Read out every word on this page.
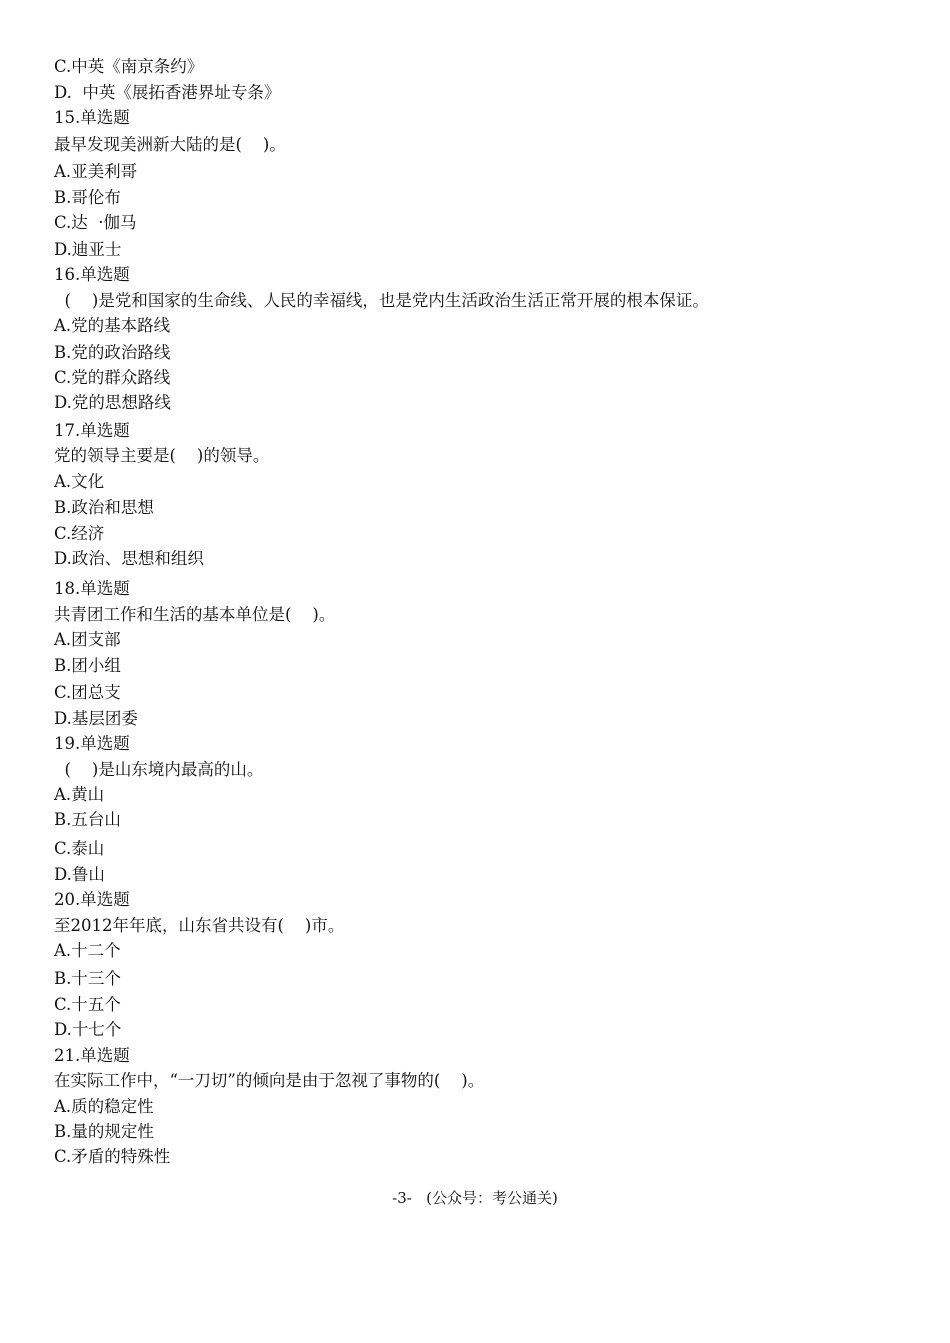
C.中英《南京条约》
D.  中英《展拓香港界址专条》
15.单选题
最早发现美洲新大陆的是(    )。
A.亚美利哥
B.哥伦布
C.达  ·伽马
D.迪亚士
16.单选题
(    )是党和国家的生命线、人民的幸福线，也是党内生活政治生活正常开展的根本保证。
A.党的基本路线
B.党的政治路线
C.党的群众路线
D.党的思想路线
17.单选题
党的领导主要是(    )的领导。
A.文化
B.政治和思想
C.经济
D.政治、思想和组织
18.单选题
共青团工作和生活的基本单位是(    )。
A.团支部
B.团小组
C.团总支
D.基层团委
19.单选题
(    )是山东境内最高的山。
A.黄山
B.五台山
C.泰山
D.鲁山
20.单选题
至2012年年底，山东省共设有(    )市。
A.十二个
B.十三个
C.十五个
D.十七个
21.单选题
在实际工作中，“一刀切”的倾向是由于忽视了事物的(    )。
A.质的稳定性
B.量的规定性
C.矛盾的特殊性
-3-   (公众号：考公通关)
